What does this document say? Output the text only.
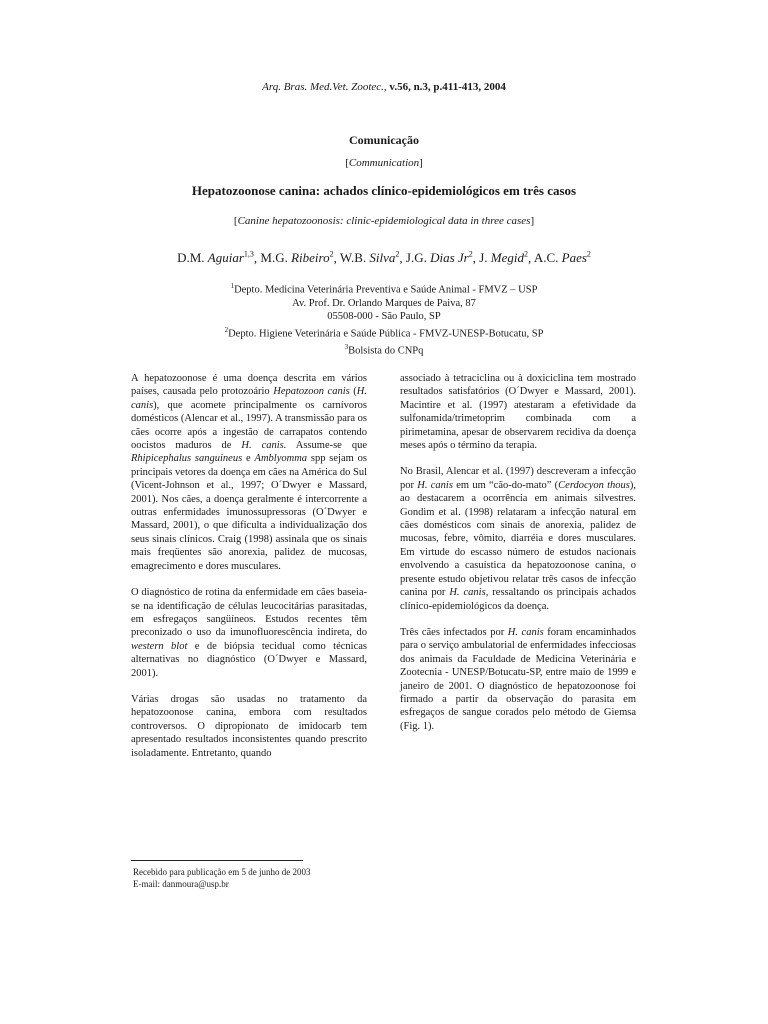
Arq. Bras. Med.Vet. Zootec., v.56, n.3, p.411-413, 2004
Comunicação
[Communication]
Hepatozoonose canina: achados clínico-epidemiológicos em três casos
[Canine hepatozoonosis: clinic-epidemiological data in three cases]
D.M. Aguiar$^{1,3}$, M.G. Ribeiro$^2$, W.B. Silva$^2$, J.G. Dias Jr$^2$, J. Megid$^2$, A.C. Paes$^2$
$^1$Depto. Medicina Veterinária Preventiva e Saúde Animal - FMVZ – USP
Av. Prof. Dr. Orlando Marques de Paiva, 87
05508-000 - São Paulo, SP
$^2$Depto. Higiene Veterinária e Saúde Pública - FMVZ-UNESP-Botucatu, SP
$^3$Bolsista do CNPq

A hepatozoonose é uma doença descrita em vários países, causada pelo protozoário Hepatozoon canis (H. canis), que acomete principalmente os carnívoros domésticos (Alencar et al., 1997). A transmissão para os cães ocorre após a ingestão de carrapatos contendo oocistos maduros de H. canis. Assume-se que Rhipicephalus sanguineus e Amblyomma spp sejam os principais vetores da doença em cães na América do Sul (Vicent-Johnson et al., 1997; O´Dwyer e Massard, 2001). Nos cães, a doença geralmente é intercorrente a outras enfermidades imunossupressoras (O´Dwyer e Massard, 2001), o que dificulta a individualização dos seus sinais clínicos. Craig (1998) assinala que os sinais mais freqüentes são anorexia, palidez de mucosas, emagrecimento e dores musculares.

O diagnóstico de rotina da enfermidade em cães baseia-se na identificação de células leucocitárias parasitadas, em esfregaços sangüíneos. Estudos recentes têm preconizado o uso da imunofluorescência indireta, do western blot e de biópsia tecidual como técnicas alternativas no diagnóstico (O´Dwyer e Massard, 2001).

Várias drogas são usadas no tratamento da hepatozoonose canina, embora com resultados controversos. O dipropionato de imidocarb tem apresentado resultados inconsistentes quando prescrito isoladamente. Entretanto, quando

associado à tetraciclina ou à doxiciclina tem mostrado resultados satisfatórios (O´Dwyer e Massard, 2001). Macintire et al. (1997) atestaram a efetividade da sulfonamida/trimetoprim combinada com a pirimetamina, apesar de observarem recidiva da doença meses após o término da terapia.

No Brasil, Alencar et al. (1997) descreveram a infecção por H. canis em um “cão-do-mato” (Cerdocyon thous), ao destacarem a ocorrência em animais silvestres. Gondim et al. (1998) relataram a infecção natural em cães domésticos com sinais de anorexia, palidez de mucosas, febre, vômito, diarréia e dores musculares. Em virtude do escasso número de estudos nacionais envolvendo a casuística da hepatozoonose canina, o presente estudo objetivou relatar três casos de infecção canina por H. canis, ressaltando os principais achados clínico-epidemiológicos da doença.

Três cães infectados por H. canis foram encaminhados para o serviço ambulatorial de enfermidades infecciosas dos animais da Faculdade de Medicina Veterinária e Zootecnia - UNESP/Botucatu-SP, entre maio de 1999 e janeiro de 2001. O diagnóstico de hepatozoonose foi firmado a partir da observação do parasita em esfregaços de sangue corados pelo método de Giemsa (Fig. 1).

Recebido para publicação em 5 de junho de 2003
E-mail: danmoura@usp.br
